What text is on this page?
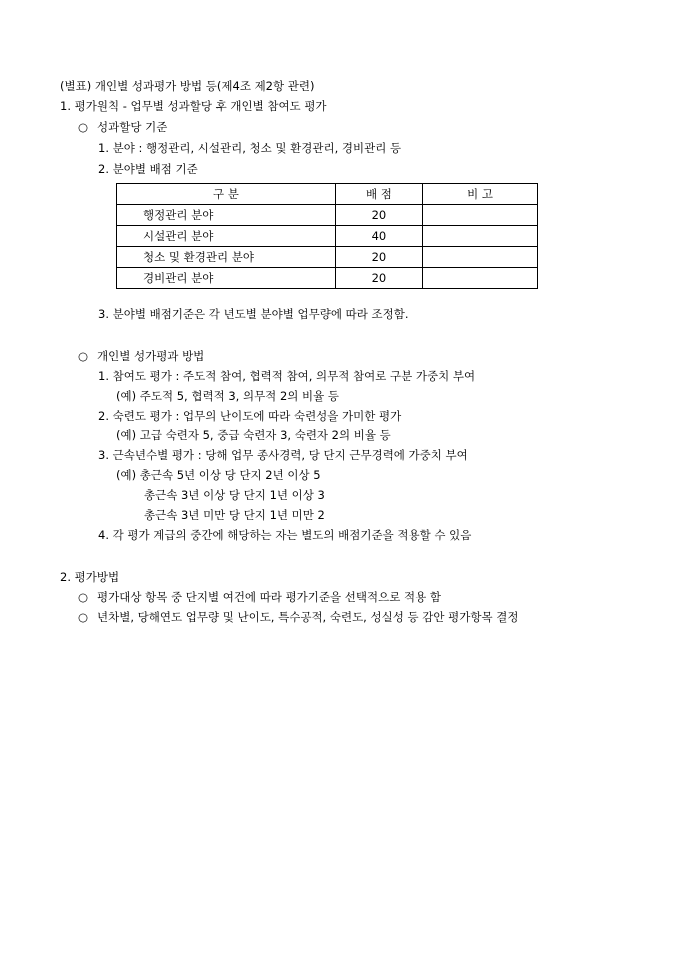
(별표) 개인별 성과평가 방법 등(제4조 제2항 관련)
1. 평가원칙 - 업무별 성과할당 후 개인별 참여도 평가
○ 성과할당 기준
1. 분야 : 행정관리, 시설관리, 청소 및 환경관리, 경비관리 등
2. 분야별 배점 기준
구 분	배 점	비 고
행정관리 분야	20	
시설관리 분야	40	
청소 및 환경관리 분야	20	
경비관리 분야	20	
3. 분야별 배점기준은 각 년도별 분야별 업무량에 따라 조정함.
○ 개인별 성가평과 방법
1. 참여도 평가 : 주도적 참여, 협력적 참여, 의무적 참여로 구분 가중치 부여
(예) 주도적 5, 협력적 3, 의무적 2의 비율 등
2. 숙련도 평가 : 업무의 난이도에 따라 숙련성을 가미한 평가
(예) 고급 숙련자 5, 중급 숙련자 3, 숙련자 2의 비율 등
3. 근속년수별 평가 : 당해 업무 종사경력, 당 단지 근무경력에 가중치 부여
(예) 총근속 5년 이상 당 단지 2년 이상 5
총근속 3년 이상 당 단지 1년 이상 3
총근속 3년 미만 당 단지 1년 미만 2
4. 각 평가 계급의 중간에 해당하는 자는 별도의 배점기준을 적용할 수 있음
2. 평가방법
○ 평가대상 항목 중 단지별 여건에 따라 평가기준을 선택적으로 적용 함
○ 년차별, 당해연도 업무량 및 난이도, 특수공적, 숙련도, 성실성 등 감안 평가항목 결정
